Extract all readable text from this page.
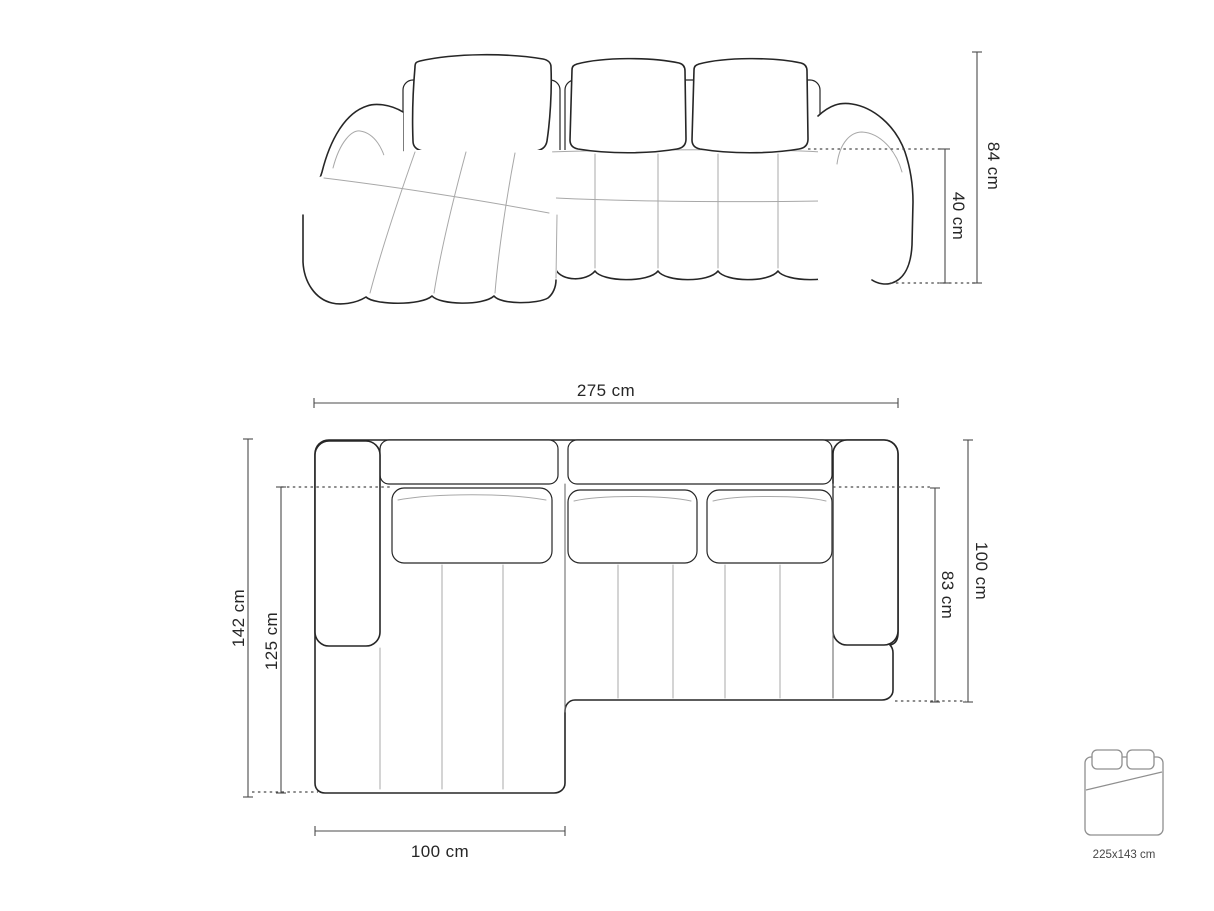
84 cm
40 cm
275 cm
142 cm 125 cm
100 cm
100 cm
83 cm
225x143 cm
